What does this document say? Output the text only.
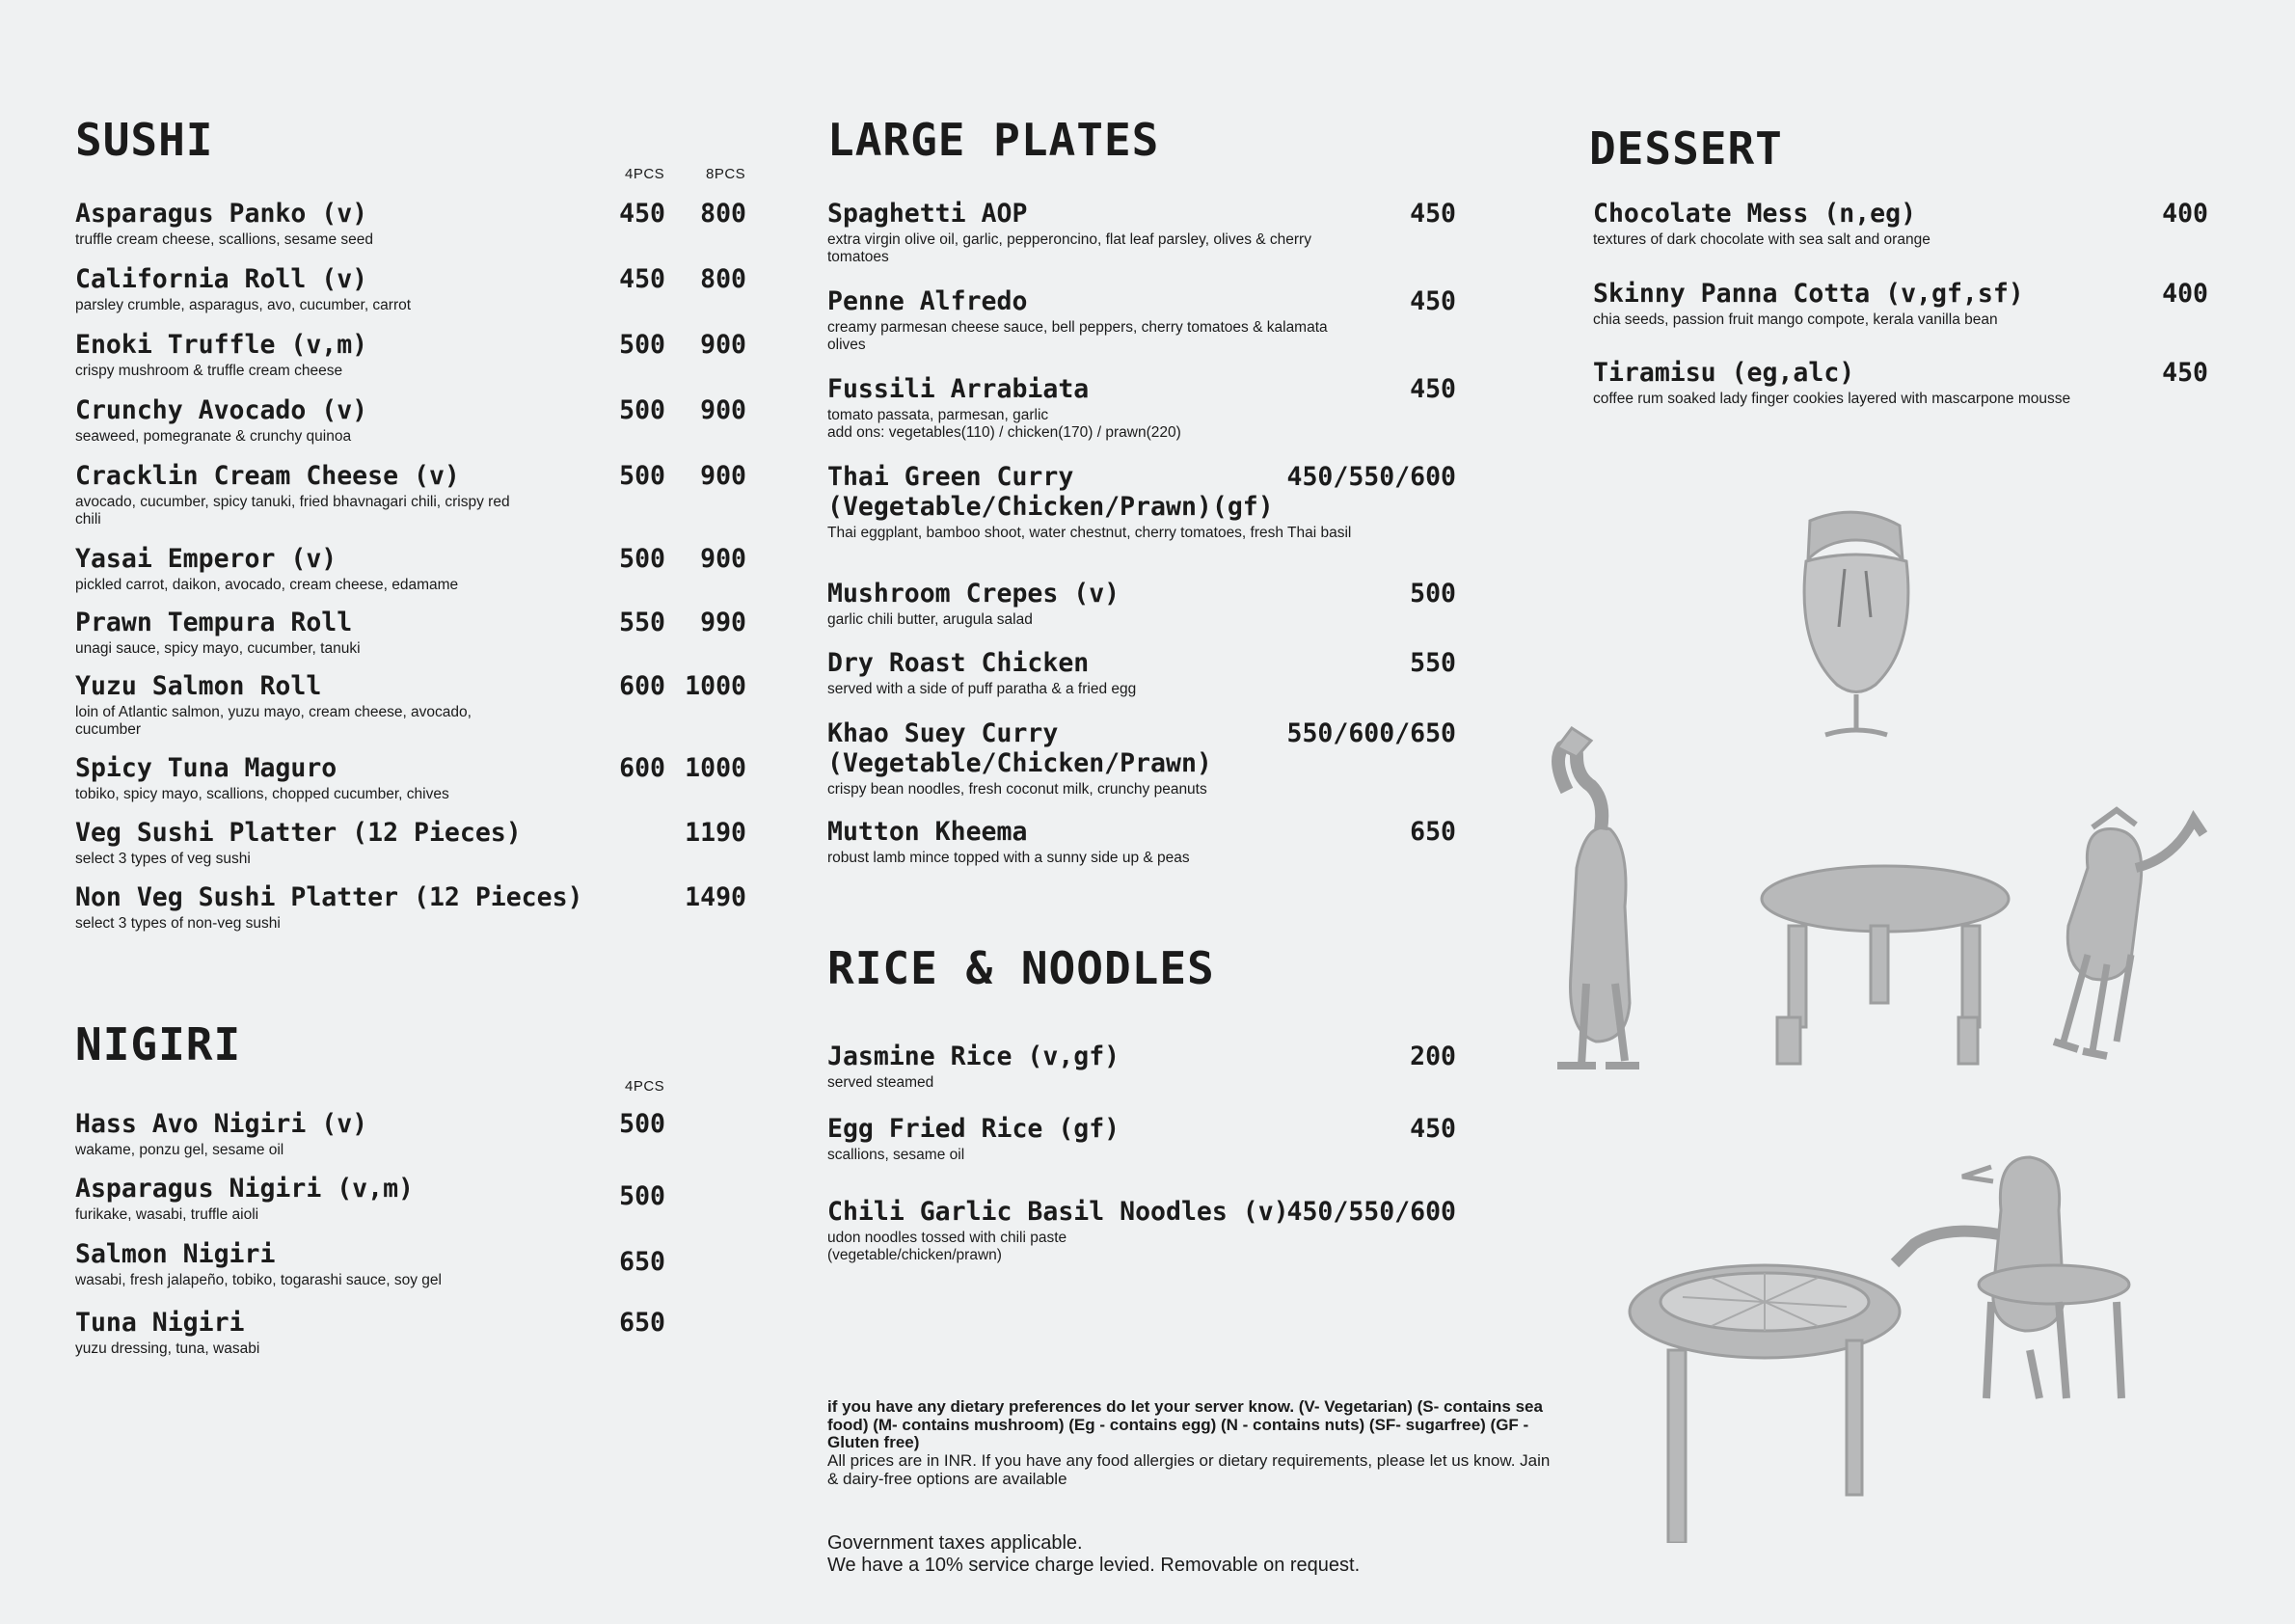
SUSHI
4PCS	8PCS
Asparagus Panko (v)
truffle cream cheese, scallions, sesame seed
450 800
California Roll (v)
parsley crumble, asparagus, avo, cucumber, carrot
450 800
Enoki Truffle (v,m)
crispy mushroom & truffle cream cheese
500 900
Crunchy Avocado (v)
seaweed, pomegranate & crunchy quinoa
500 900
Cracklin Cream Cheese (v)
avocado, cucumber, spicy tanuki, fried bhavnagari chili, crispy red chili
500 900
Yasai Emperor (v)
pickled carrot, daikon, avocado, cream cheese, edamame
500 900
Prawn Tempura Roll
unagi sauce, spicy mayo, cucumber, tanuki
550 990
Yuzu Salmon Roll
loin of Atlantic salmon, yuzu mayo, cream cheese, avocado, cucumber
600 1000
Spicy Tuna Maguro
tobiko, spicy mayo, scallions, chopped cucumber, chives
600 1000
Veg Sushi Platter (12 Pieces)
select 3 types of veg sushi
1190
Non Veg Sushi Platter (12 Pieces)
select 3 types of non-veg sushi
1490
NIGIRI
4PCS
Hass Avo Nigiri (v)
wakame, ponzu gel, sesame oil
500
Asparagus Nigiri (v,m)
furikake, wasabi, truffle aioli
500
Salmon Nigiri
wasabi, fresh jalapeño, tobiko, togarashi sauce, soy gel
650
Tuna Nigiri
yuzu dressing, tuna, wasabi
650
LARGE PLATES
Spaghetti AOP
extra virgin olive oil, garlic, pepperoncino, flat leaf parsley, olives & cherry tomatoes
450
Penne Alfredo
creamy parmesan cheese sauce, bell peppers, cherry tomatoes & kalamata olives
450
Fussili Arrabiata
tomato passata, parmesan, garlic
add ons: vegetables(110) / chicken(170) / prawn(220)
450
Thai Green Curry
(Vegetable/Chicken/Prawn)(gf)
Thai eggplant, bamboo shoot, water chestnut, cherry tomatoes, fresh Thai basil
450/550/600
Mushroom Crepes (v)
garlic chili butter, arugula salad
500
Dry Roast Chicken
served with a side of puff paratha & a fried egg
550
Khao Suey Curry
(Vegetable/Chicken/Prawn)
crispy bean noodles, fresh coconut milk, crunchy peanuts
550/600/650
Mutton Kheema
robust lamb mince topped with a sunny side up & peas
650
RICE & NOODLES
Jasmine Rice (v,gf)
served steamed
200
Egg Fried Rice (gf)
scallions, sesame oil
450
Chili Garlic Basil Noodles (v)
udon noodles tossed with chili paste (vegetable/chicken/prawn)
450/550/600
DESSERT
Chocolate Mess (n,eg)
textures of dark chocolate with sea salt and orange
400
Skinny Panna Cotta (v,gf,sf)
chia seeds, passion fruit mango compote, kerala vanilla bean
400
Tiramisu (eg,alc)
coffee rum soaked lady finger cookies layered with mascarpone mousse
450
if you have any dietary preferences do let your server know. (V- Vegetarian) (S- contains sea food) (M- contains mushroom) (Eg - contains egg) (N - contains nuts) (SF- sugarfree) (GF - Gluten free)
All prices are in INR. If you have any food allergies or dietary requirements, please let us know. Jain & dairy-free options are available
Government taxes applicable.
We have a 10% service charge levied. Removable on request.
